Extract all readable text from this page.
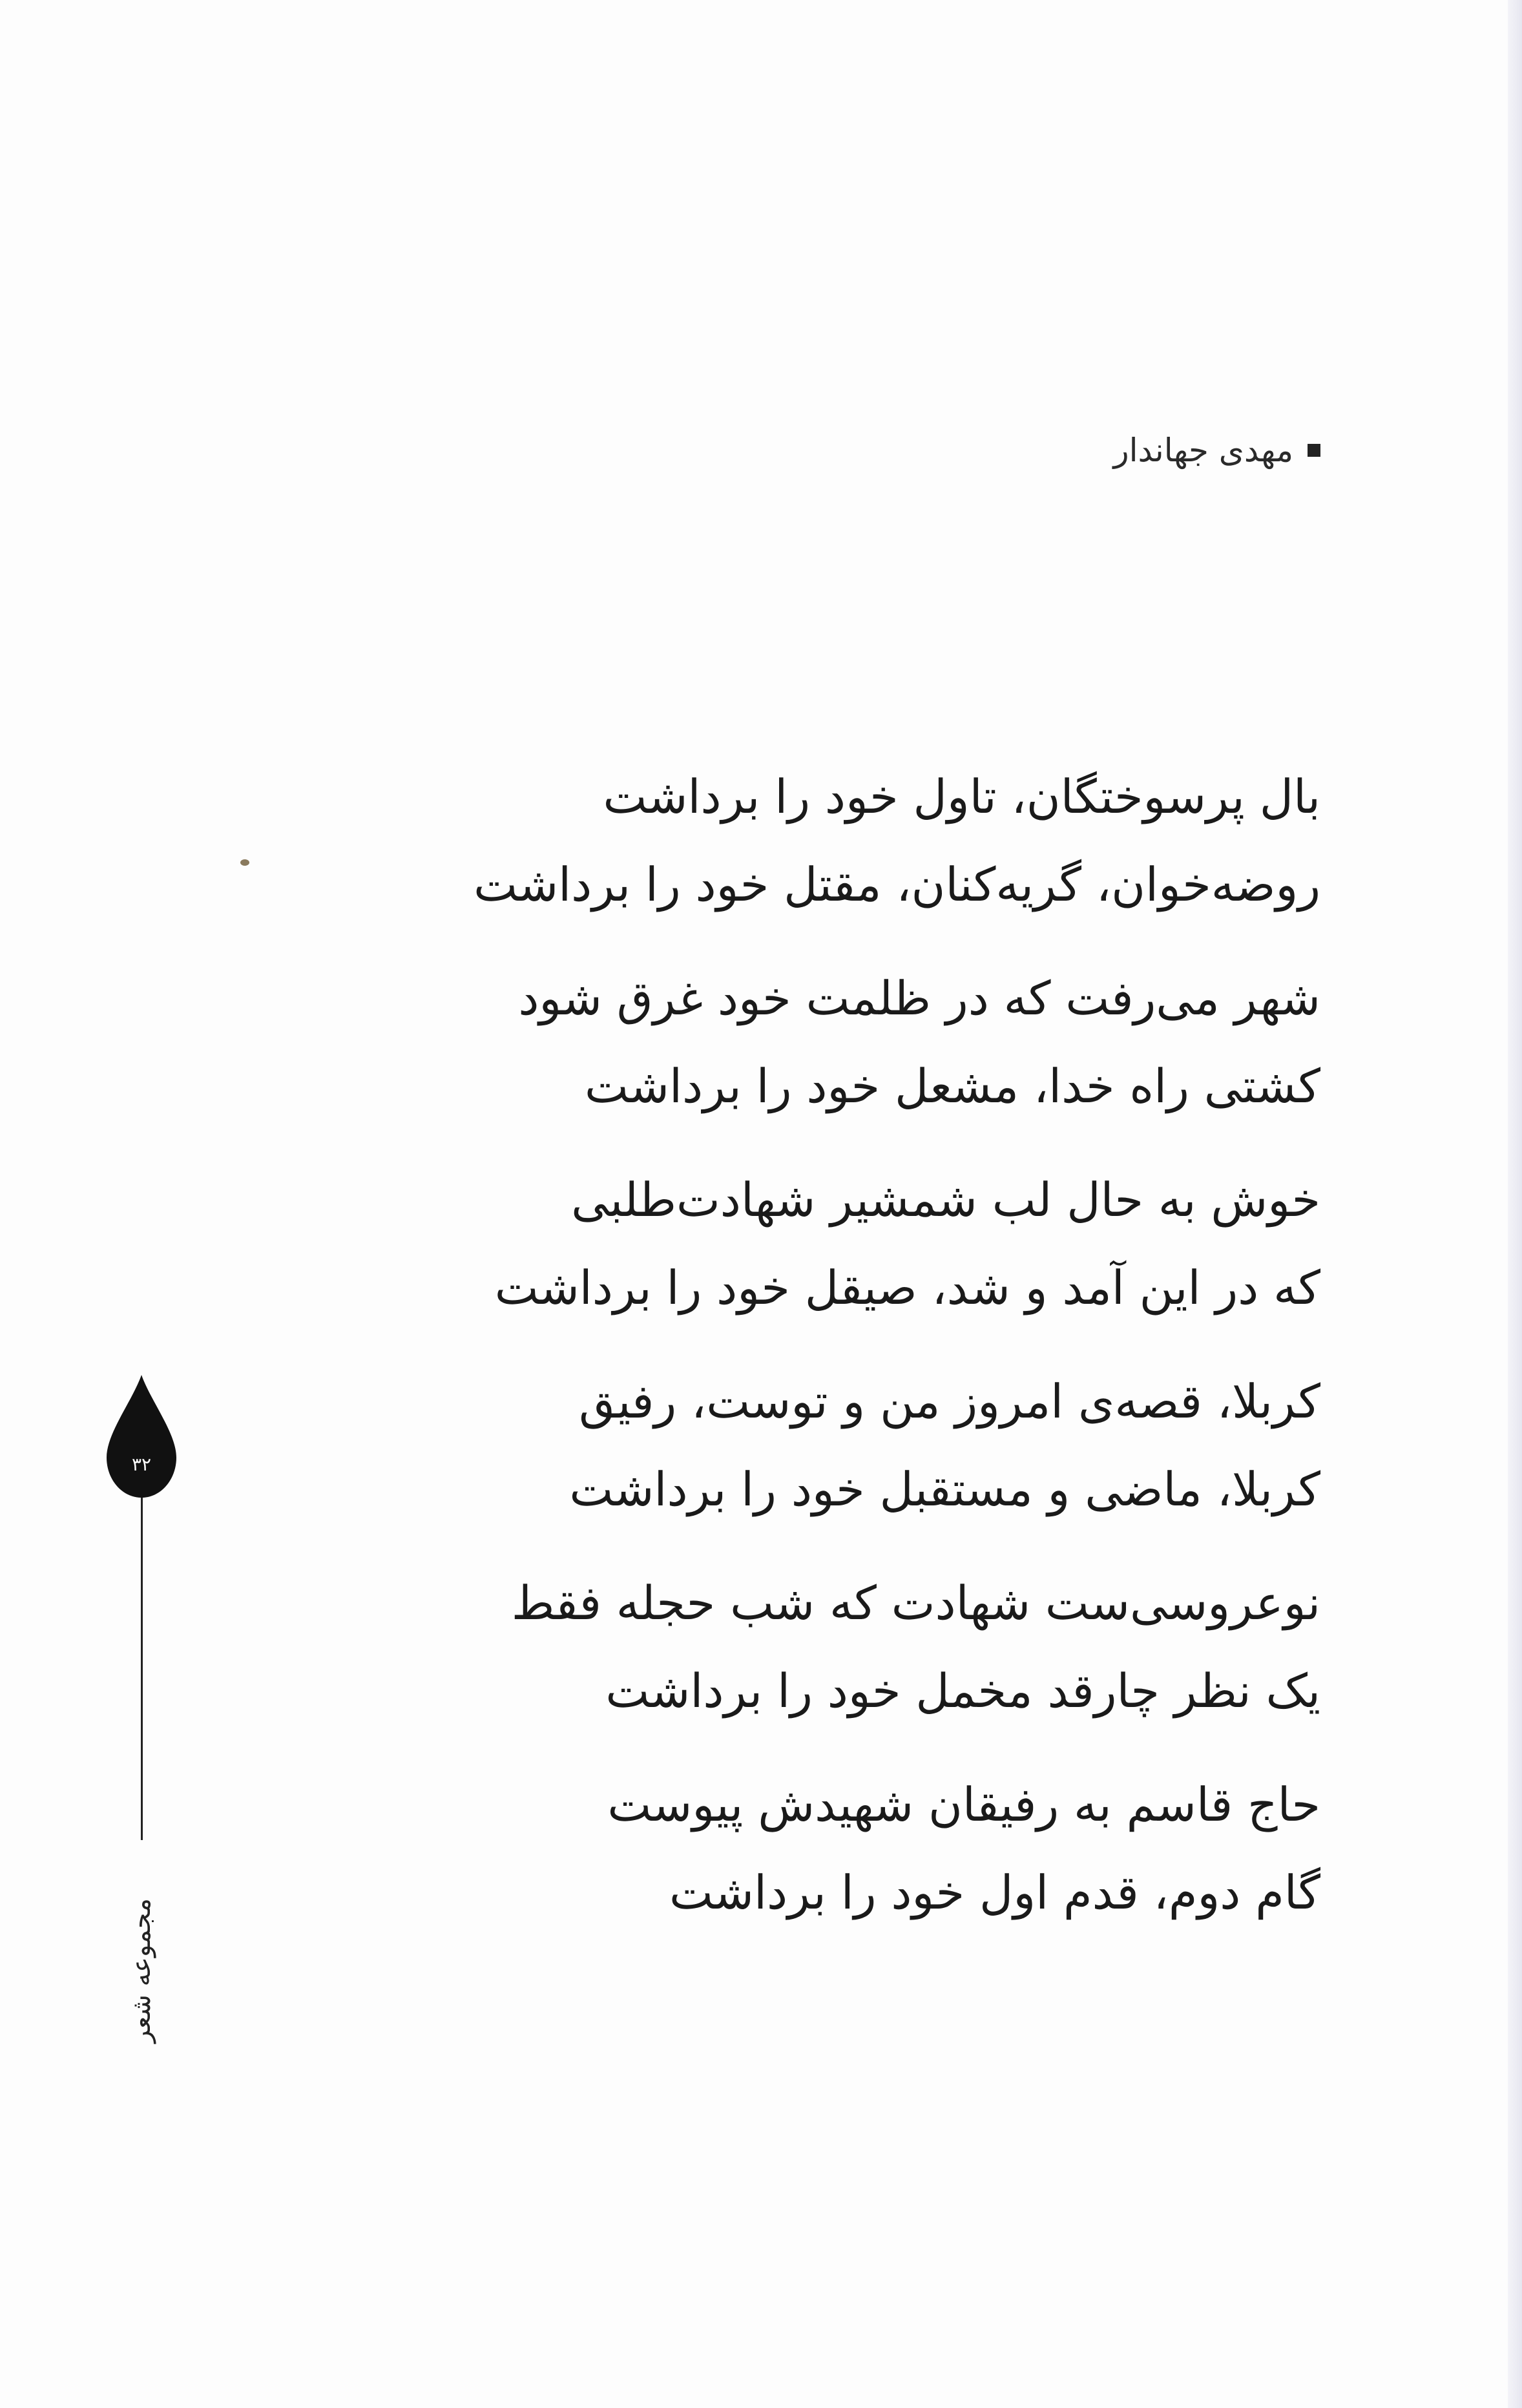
مهدی جهاندار
بال پرسوختگان، تاول خود را برداشت
روضه‌خوان، گریه‌کنان، مقتل خود را برداشت
شهر می‌رفت که در ظلمت خود غرق شود
کشتی راه خدا، مشعل خود را برداشت
خوش به حال لب شمشیر شهادت‌طلبی
که در این آمد و شد، صیقل خود را برداشت
کربلا، قصه‌ی امروز من و توست، رفیق
کربلا، ماضی و مستقبل خود را برداشت
نوعروسی‌ست شهادت که شب حجله فقط
یک نظر چارقد مخمل خود را برداشت
حاج قاسم به رفیقان شهیدش پیوست
گام دوم، قدم اول خود را برداشت
۳۲
مجموعه شعر
